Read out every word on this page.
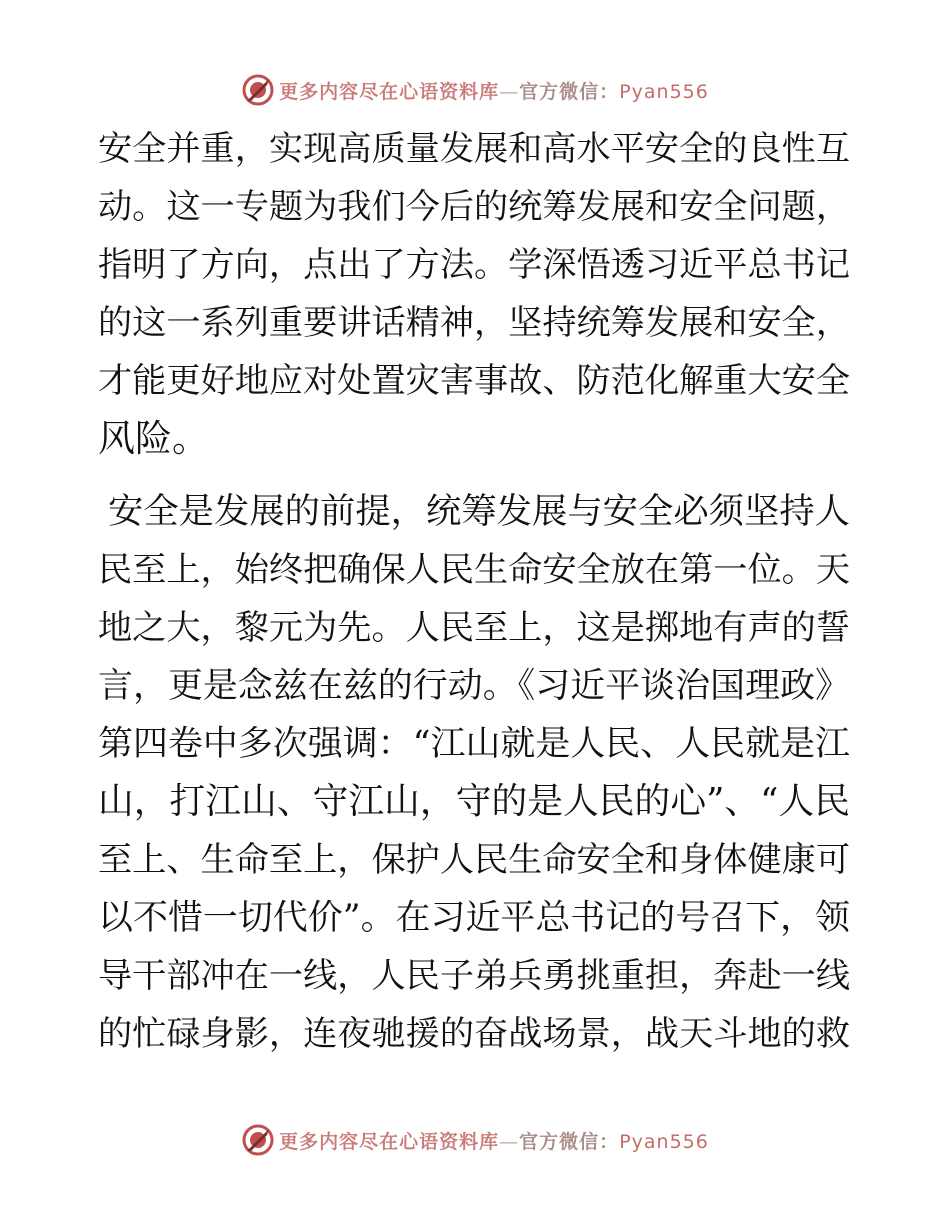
更多内容尽在心语资料库—官方微信：Pyan556
安全并重，实现高质量发展和高水平安全的良性互
动。这一专题为我们今后的统筹发展和安全问题，
指明了方向，点出了方法。学深悟透习近平总书记
的这一系列重要讲话精神，坚持统筹发展和安全，
才能更好地应对处置灾害事故、防范化解重大安全
风险。
安全是发展的前提，统筹发展与安全必须坚持人
民至上，始终把确保人民生命安全放在第一位。天
地之大，黎元为先。人民至上，这是掷地有声的誓
言，更是念兹在兹的行动。《习近平谈治国理政》
第四卷中多次强调：“江山就是人民、人民就是江
山，打江山、守江山，守的是人民的心”、“人民
至上、生命至上，保护人民生命安全和身体健康可
以不惜一切代价”。在习近平总书记的号召下，领
导干部冲在一线，人民子弟兵勇挑重担，奔赴一线
的忙碌身影，连夜驰援的奋战场景，战天斗地的救
更多内容尽在心语资料库—官方微信：Pyan556
